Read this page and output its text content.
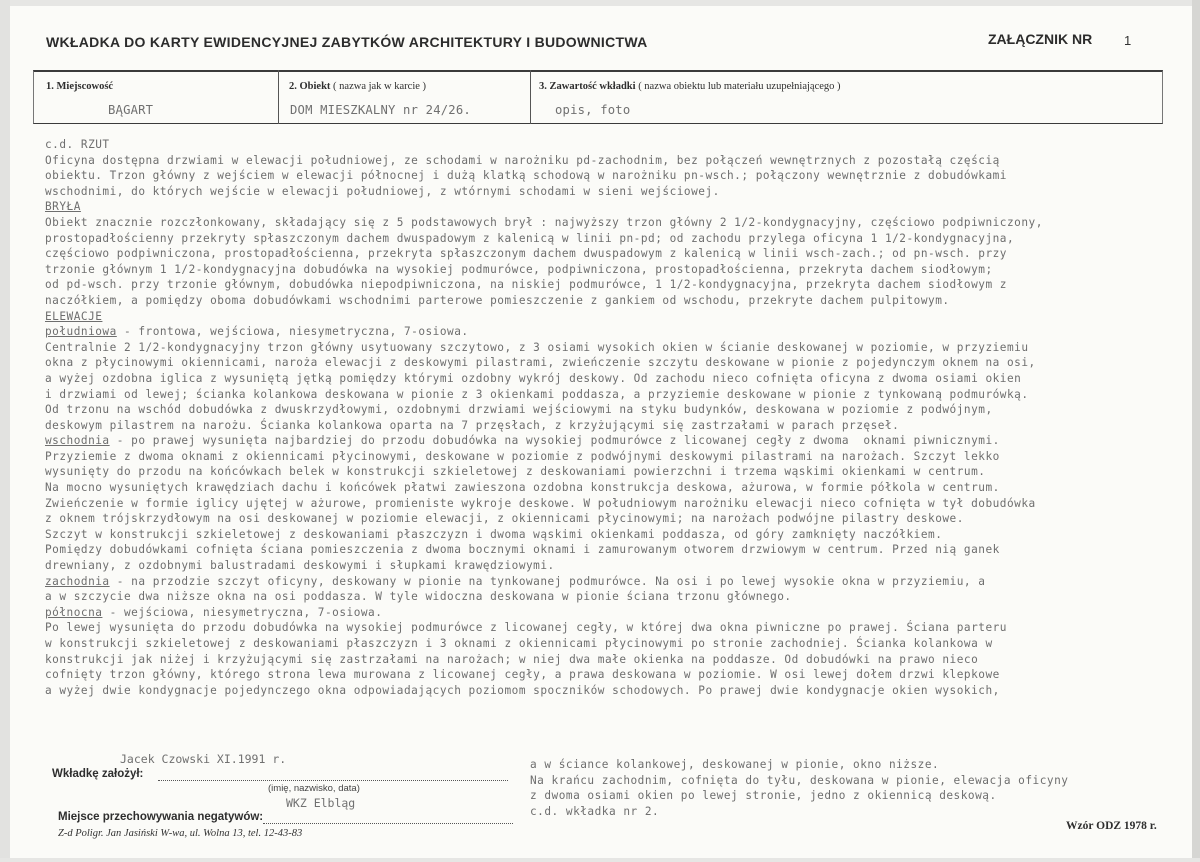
WKŁADKA DO KARTY EWIDENCYJNEJ ZABYTKÓW ARCHITEKTURY I BUDOWNICTWA	ZAŁĄCZNIK NR 1
1. Miejscowość	2. Obiekt ( nazwa jak w karcie )	3. Zawartość wkładki ( nazwa obiektu lub materiału uzupełniającego )
BĄGART	DOM MIESZKALNY nr 24/26.	opis, foto
c.d. RZUT
Oficyna dostępna drzwiami w elewacji południowej, ze schodami w narożniku pd-zachodnim, bez połączeń wewnętrznych z pozostałą częścią
obiektu. Trzon główny z wejściem w elewacji północnej i dużą klatką schodową w narożniku pn-wsch.; połączony wewnętrznie z dobudówkami
wschodnimi, do których wejście w elewacji południowej, z wtórnymi schodami w sieni wejściowej.
BRYŁA
Obiekt znacznie rozczłonkowany, składający się z 5 podstawowych brył : najwyższy trzon główny 2 1/2-kondygnacyjny, częściowo podpiwniczony,
prostopadłościenny przekryty spłaszczonym dachem dwuspadowym z kalenicą w linii pn-pd; od zachodu przylega oficyna 1 1/2-kondygnacyjna,
częściowo podpiwniczona, prostopadłościenna, przekryta spłaszczonym dachem dwuspadowym z kalenicą w linii wsch-zach.; od pn-wsch. przy
trzonie głównym 1 1/2-kondygnacyjna dobudówka na wysokiej podmurówce, podpiwniczona, prostopadłościenna, przekryta dachem siodłowym;
od pd-wsch. przy trzonie głównym, dobudówka niepodpiwniczona, na niskiej podmurówce, 1 1/2-kondygnacyjna, przekryta dachem siodłowym z
naczółkiem, a pomiędzy oboma dobudówkami wschodnimi parterowe pomieszczenie z gankiem od wschodu, przekryte dachem pulpitowym.
ELEWACJE
południowa - frontowa, wejściowa, niesymetryczna, 7-osiowa.
Centralnie 2 1/2-kondygnacyjny trzon główny usytuowany szczytowo, z 3 osiami wysokich okien w ścianie deskowanej w poziomie, w przyziemiu
okna z płycinowymi okiennicami, naroża elewacji z deskowymi pilastrami, zwieńczenie szczytu deskowane w pionie z pojedynczym oknem na osi,
a wyżej ozdobna iglica z wysuniętą jętką pomiędzy którymi ozdobny wykrój deskowy. Od zachodu nieco cofnięta oficyna z dwoma osiami okien
i drzwiami od lewej; ścianka kolankowa deskowana w pionie z 3 okienkami poddasza, a przyziemie deskowane w pionie z tynkowaną podmurówką.
Od trzonu na wschód dobudówka z dwuskrzydłowymi, ozdobnymi drzwiami wejściowymi na styku budynków, deskowana w poziomie z podwójnym,
deskowym pilastrem na narożu. Ścianka kolankowa oparta na 7 przęsłach, z krzyżującymi się zastrzałami w parach przęseł.
wschodnia - po prawej wysunięta najbardziej do przodu dobudówka na wysokiej podmurówce z licowanej cegły z dwoma  oknami piwnicznymi.
Przyziemie z dwoma oknami z okiennicami płycinowymi, deskowane w poziomie z podwójnymi deskowymi pilastrami na narożach. Szczyt lekko
wysunięty do przodu na końcówkach belek w konstrukcji szkieletowej z deskowaniami powierzchni i trzema wąskimi okienkami w centrum.
Na mocno wysuniętych krawędziach dachu i końcówek płatwi zawieszona ozdobna konstrukcja deskowa, ażurowa, w formie półkola w centrum.
Zwieńczenie w formie iglicy ujętej w ażurowe, promieniste wykroje deskowe. W południowym narożniku elewacji nieco cofnięta w tył dobudówka
z oknem trójskrzydłowym na osi deskowanej w poziomie elewacji, z okiennicami płycinowymi; na narożach podwójne pilastry deskowe.
Szczyt w konstrukcji szkieletowej z deskowaniami płaszczyzn i dwoma wąskimi okienkami poddasza, od góry zamknięty naczółkiem.
Pomiędzy dobudówkami cofnięta ściana pomieszczenia z dwoma bocznymi oknami i zamurowanym otworem drzwiowym w centrum. Przed nią ganek
drewniany, z ozdobnymi balustradami deskowymi i słupkami krawędziowymi.
zachodnia - na przodzie szczyt oficyny, deskowany w pionie na tynkowanej podmurówce. Na osi i po lewej wysokie okna w przyziemiu, a
a w szczycie dwa niższe okna na osi poddasza. W tyle widoczna deskowana w pionie ściana trzonu głównego.
północna - wejściowa, niesymetryczna, 7-osiowa.
Po lewej wysunięta do przodu dobudówka na wysokiej podmurówce z licowanej cegły, w której dwa okna piwniczne po prawej. Ściana parteru
w konstrukcji szkieletowej z deskowaniami płaszczyzn i 3 oknami z okiennicami płycinowymi po stronie zachodniej. Ścianka kolankowa w
konstrukcji jak niżej i krzyżującymi się zastrzałami na narożach; w niej dwa małe okienka na poddasze. Od dobudówki na prawo nieco
cofnięty trzon główny, którego strona lewa murowana z licowanej cegły, a prawa deskowana w poziomie. W osi lewej dołem drzwi klepkowe
a wyżej dwie kondygnacje pojedynczego okna odpowiadających poziomom spoczników schodowych. Po prawej dwie kondygnacje okien wysokich,
Jacek Czowski XI.1991 r.
Wkładkę założył:
(imię, nazwisko, data)
WKZ Elbląg
Miejsce przechowywania negatywów:
Z-d Poligr. Jan Jasiński W-wa, ul. Wolna 13, tel. 12-43-83
a w ściance kolankowej, deskowanej w pionie, okno niższe.
Na krańcu zachodnim, cofnięta do tyłu, deskowana w pionie, elewacja oficyny
z dwoma osiami okien po lewej stronie, jedno z okiennicą deskową.
c.d. wkładka nr 2.
Wzór ODZ 1978 r.
